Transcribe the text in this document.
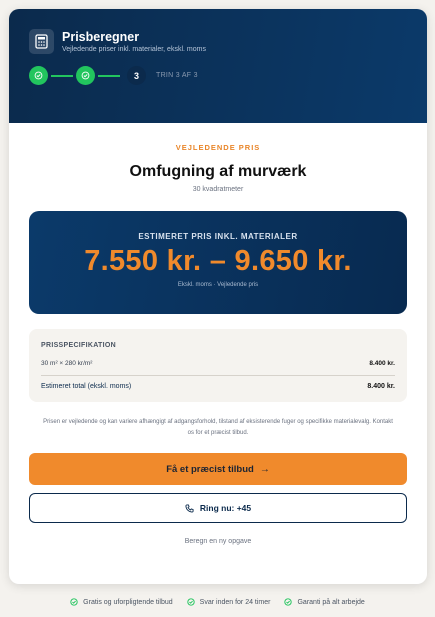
Prisberegner
Vejledende priser inkl. materialer, ekskl. moms
3	TRIN 3 AF 3
VEJLEDENDE PRIS
Omfugning af murværk
30 kvadratmeter
ESTIMERET PRIS INKL. MATERIALER
7.550 kr. – 9.650 kr.
Ekskl. moms · Vejledende pris
PRISSPECIFIKATION
30 m² × 280 kr/m²	8.400 kr.
Estimeret total (ekskl. moms)	8.400 kr.
Prisen er vejledende og kan variere afhængigt af adgangsforhold, tilstand af eksisterende fuger og specifikke materialevalg. Kontakt os for et præcist tilbud.
Få et præcist tilbud →
Ring nu: +45
Beregn en ny opgave
Gratis og uforpligtende tilbud	Svar inden for 24 timer	Garanti på alt arbejde
